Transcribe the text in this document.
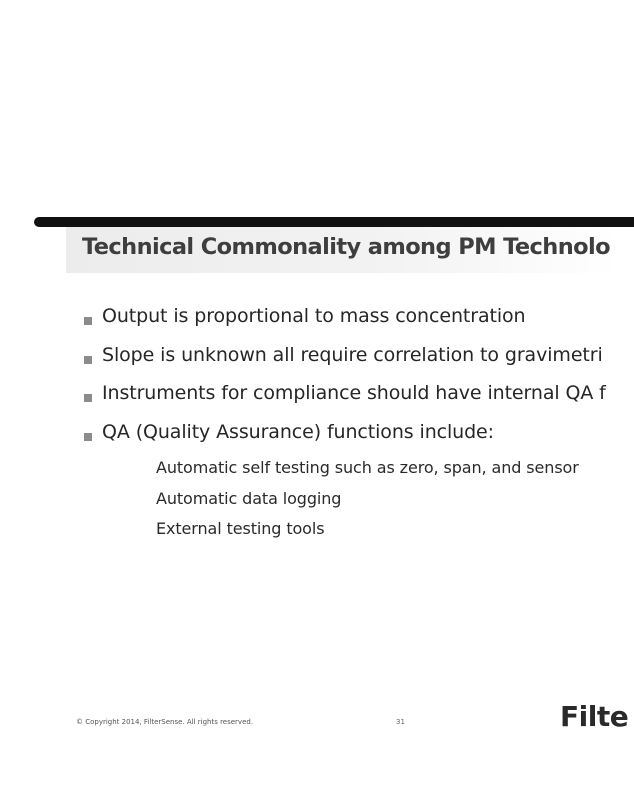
Technical Commonality among PM Technolo
Output is proportional to mass concentration
Slope is unknown all require correlation to gravimetri
Instruments for compliance should have internal QA f
QA (Quality Assurance) functions include:
Automatic self testing such as zero, span, and sensor
Automatic data logging
External testing tools
© Copyright 2014, FilterSense. All rights reserved.	31	Filte
